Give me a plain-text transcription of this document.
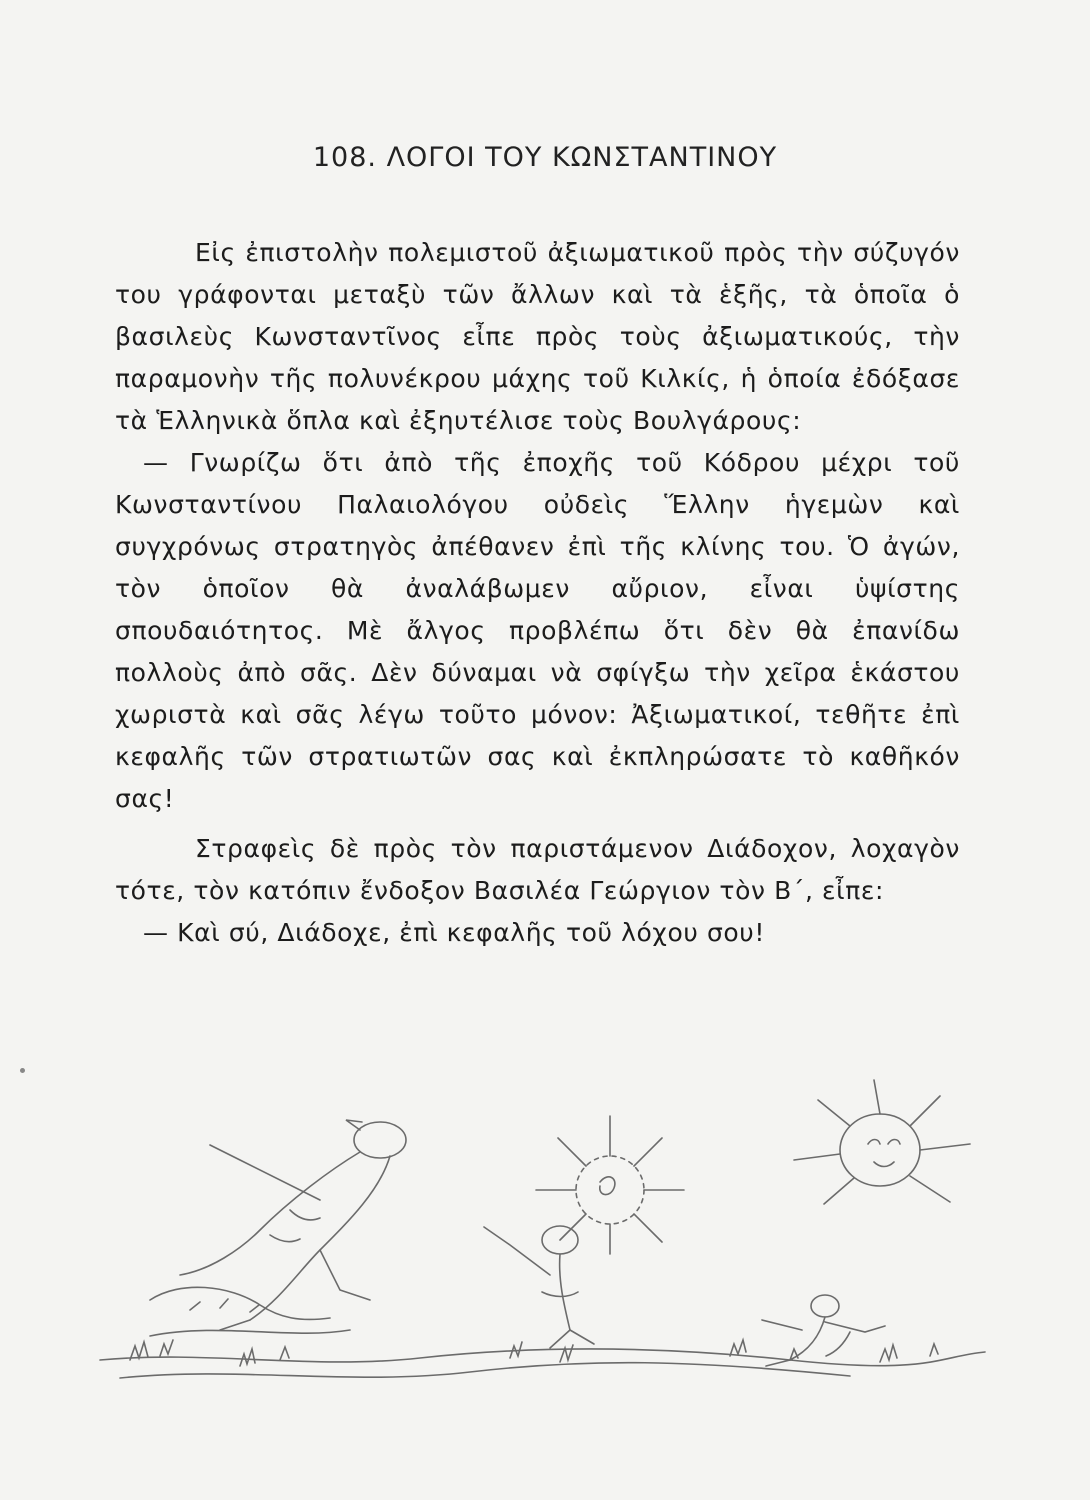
108. ΛΟΓΟΙ ΤΟΥ ΚΩΝΣΤΑΝΤΙΝΟΥ

Εἰς ἐπιστολὴν πολεμιστοῦ ἀξιωματικοῦ πρὸς τὴν σύζυγόν του γράφονται μεταξὺ τῶν ἄλλων καὶ τὰ ἑξῆς, τὰ ὁποῖα ὁ βασιλεὺς Κωνσταντῖνος εἶπε πρὸς τοὺς ἀξιωματικούς, τὴν παραμονὴν τῆς πολυνέκρου μάχης τοῦ Κιλκίς, ἡ ὁποία ἐδόξασε τὰ Ἑλληνικὰ ὅπλα καὶ ἐξηυτέλισε τοὺς Βουλγάρους:

— Γνωρίζω ὅτι ἀπὸ τῆς ἐποχῆς τοῦ Κόδρου μέχρι τοῦ Κωνσταντίνου Παλαιολόγου οὐδεὶς Ἕλλην ἡγεμὼν καὶ συγχρόνως στρατηγὸς ἀπέθανεν ἐπὶ τῆς κλίνης του. Ὁ ἀγών, τὸν ὁποῖον θὰ ἀναλάβωμεν αὔριον, εἶναι ὑψίστης σπουδαιότητος. Μὲ ἄλγος προβλέπω ὅτι δὲν θὰ ἐπανίδω πολλοὺς ἀπὸ σᾶς. Δὲν δύναμαι νὰ σφίγξω τὴν χεῖρα ἑκάστου χωριστὰ καὶ σᾶς λέγω τοῦτο μόνον: Ἀξιωματικοί, τεθῆτε ἐπὶ κεφαλῆς τῶν στρατιωτῶν σας καὶ ἐκπληρώσατε τὸ καθῆκόν σας!

Στραφεὶς δὲ πρὸς τὸν παριστάμενον Διάδοχον, λοχαγὸν τότε, τὸν κατόπιν ἔνδοξον Βασιλέα Γεώργιον τὸν Β΄, εἶπε:

— Καὶ σύ, Διάδοχε, ἐπὶ κεφαλῆς τοῦ λόχου σου!
